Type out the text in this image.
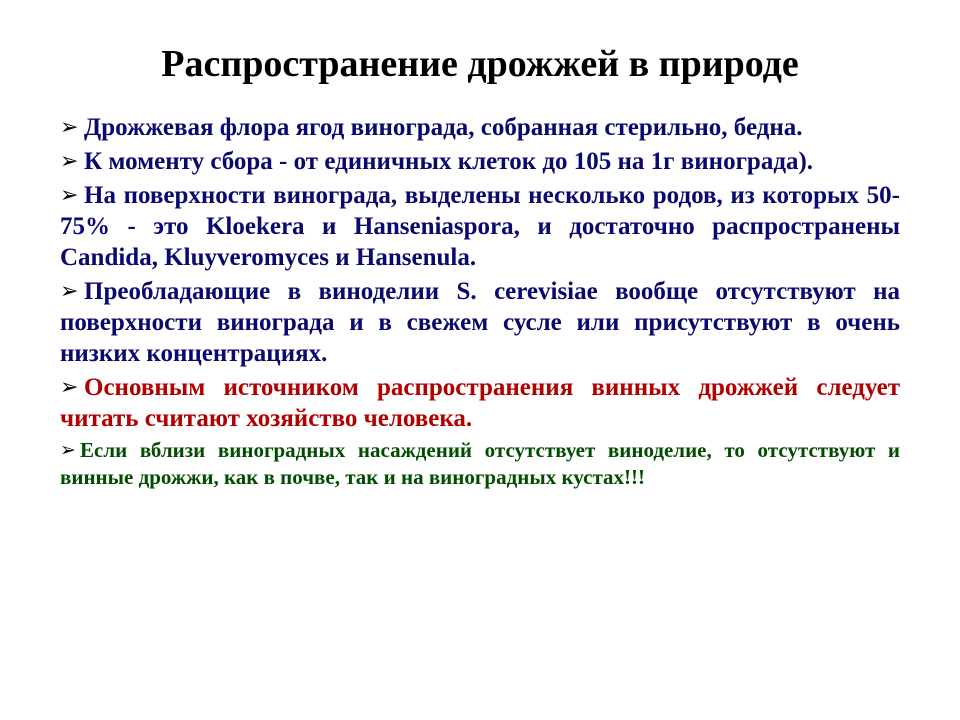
Распространение дрожжей в природе
➢ Дрожжевая флора ягод винограда, собранная стерильно, бедна.
➢ К моменту сбора - от единичных клеток до 105 на 1г винограда).
➢ На поверхности винограда, выделены несколько родов, из которых 50-75% - это Kloekera и Hanseniaspora, и достаточно распространены Candida, Kluyveromyces и Hansenula.
➢ Преобладающие в виноделии S. cerevisiae вообще отсутствуют на поверхности винограда и в свежем сусле или присутствуют в очень низких концентрациях.
➢ Основным источником распространения винных дрожжей следует читать считают хозяйство человека.
➢ Если вблизи виноградных насаждений отсутствует виноделие, то отсутствуют и винные дрожжи, как в почве, так и на виноградных кустах!!!
